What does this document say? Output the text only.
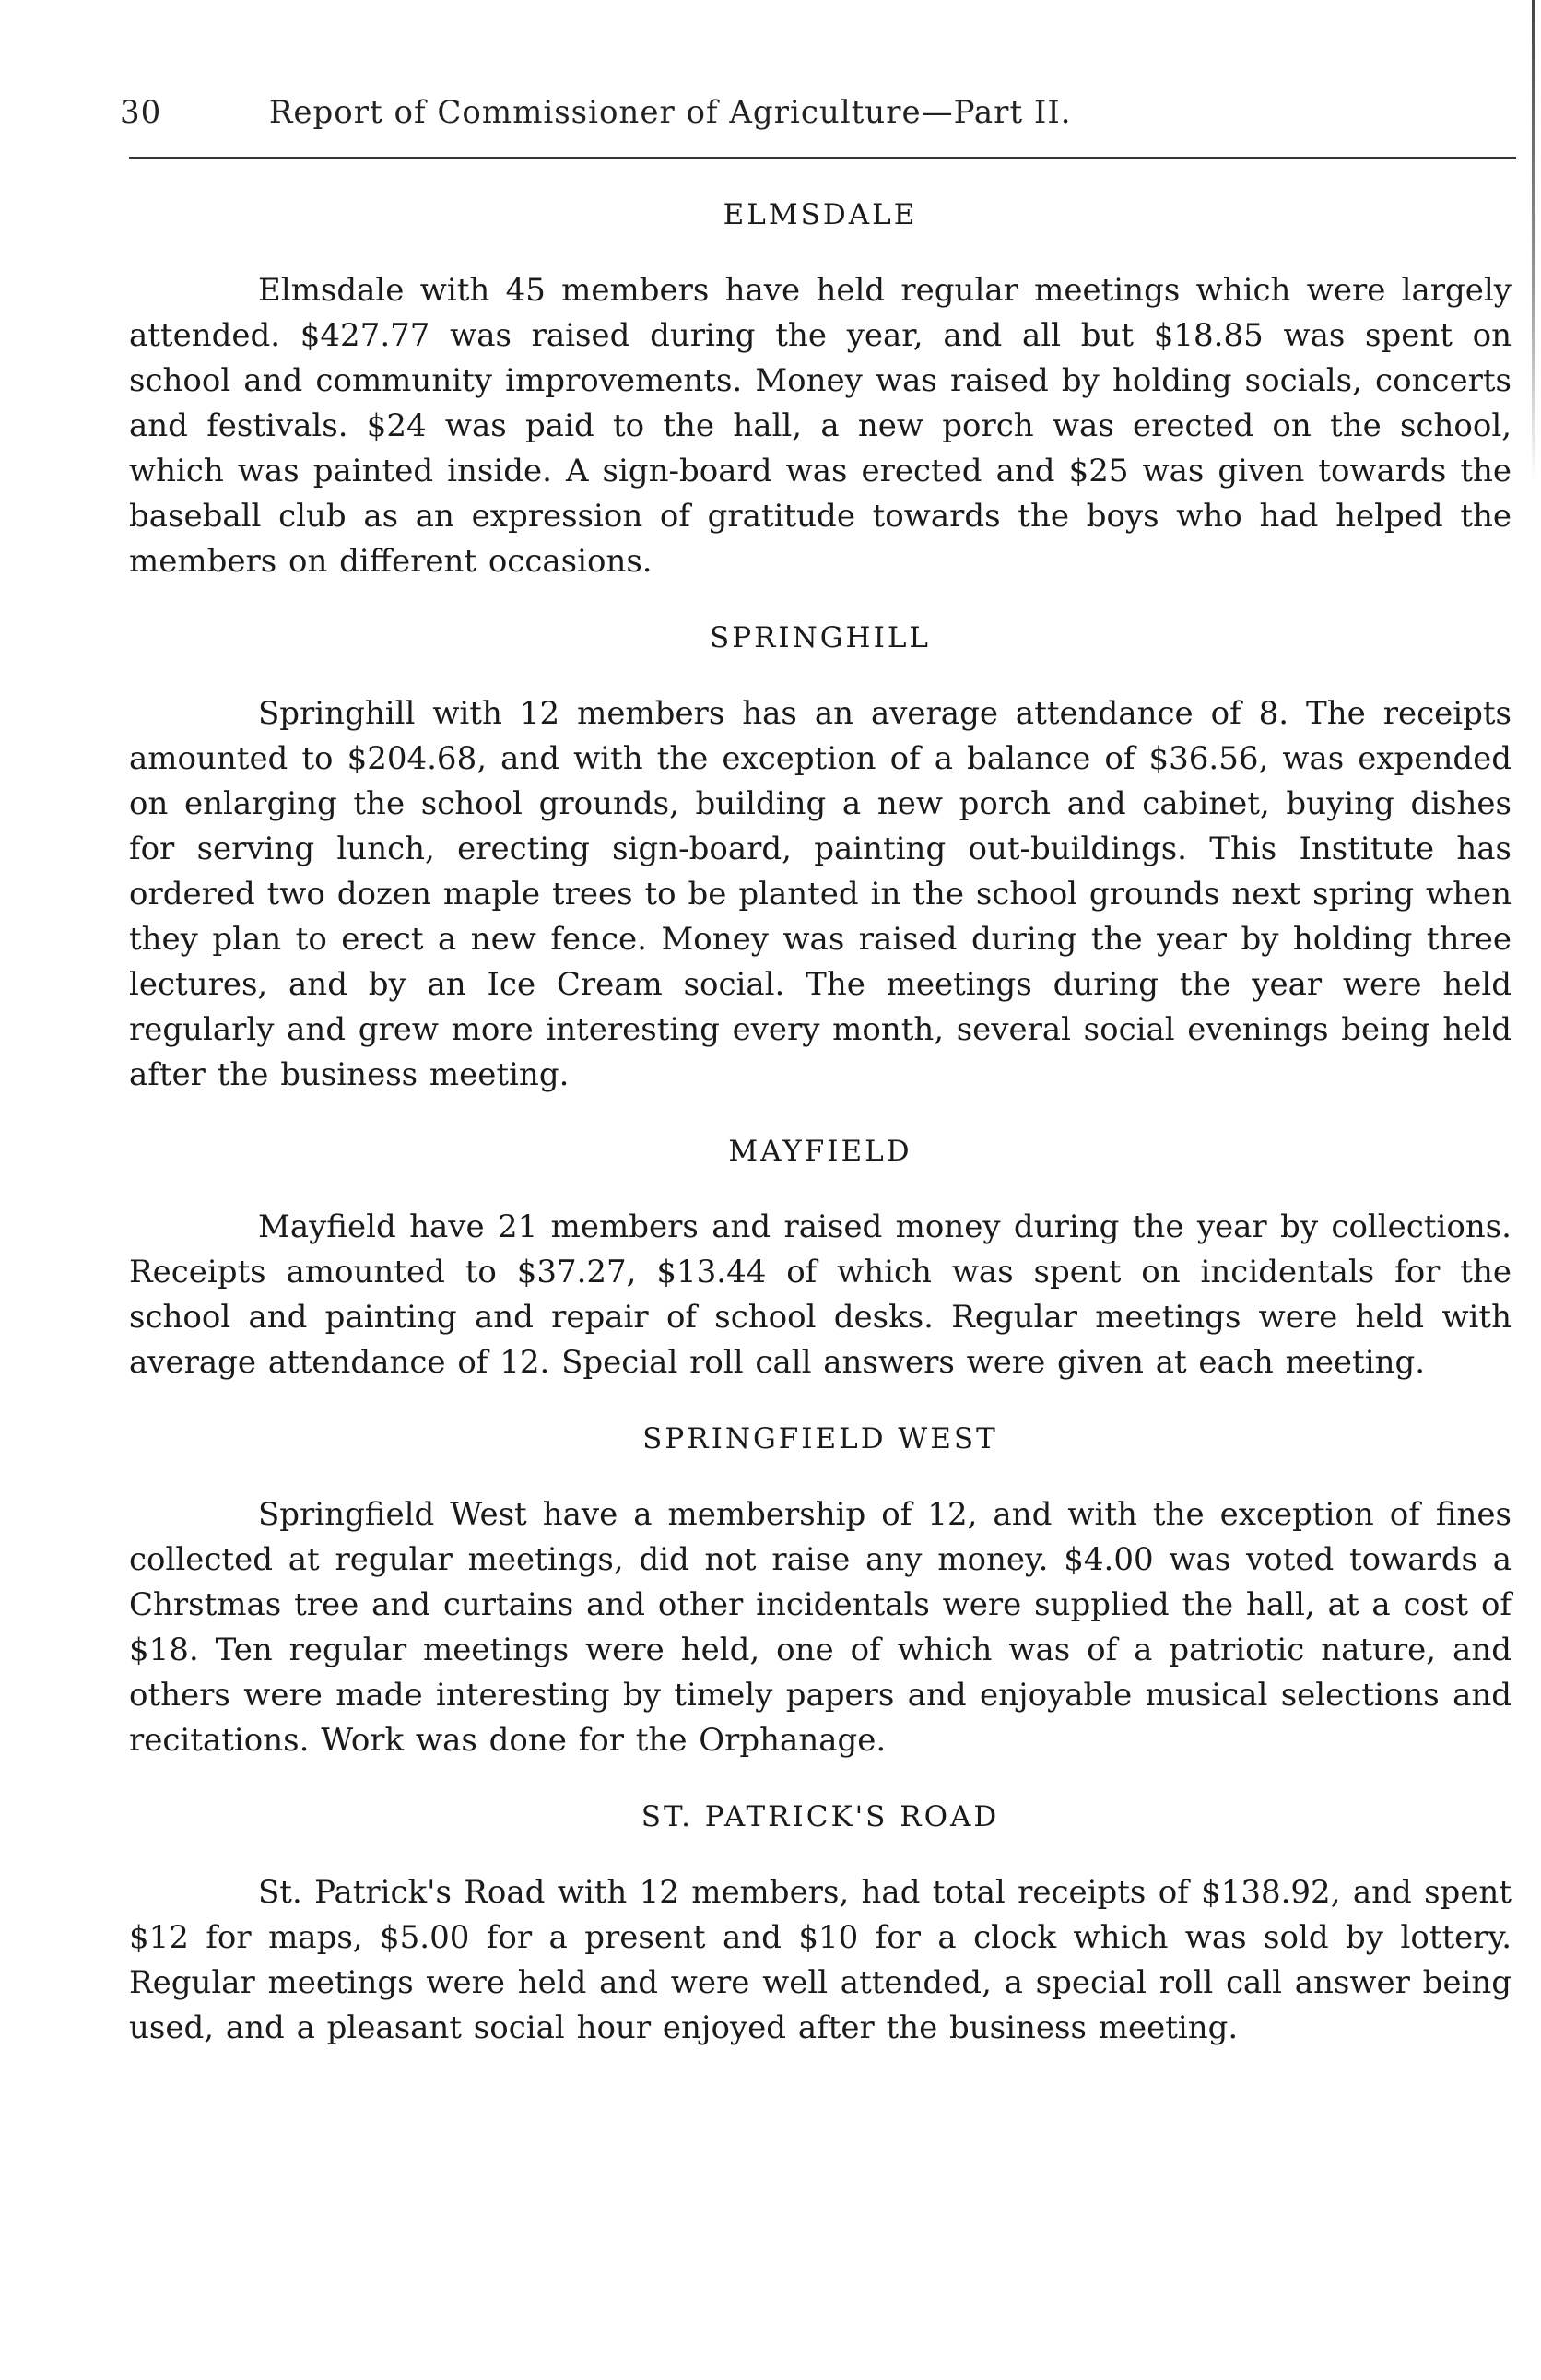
30	Report of Commissioner of Agriculture—Part II.
ELMSDALE

Elmsdale with 45 members have held regular meetings which were largely attended. $427.77 was raised during the year, and all but $18.85 was spent on school and community improvements. Money was raised by holding socials, concerts and festivals. $24 was paid to the hall, a new porch was erected on the school, which was painted inside. A sign-board was erected and $25 was given towards the baseball club as an expression of gratitude towards the boys who had helped the members on different occasions.

SPRINGHILL

Springhill with 12 members has an average attendance of 8. The receipts amounted to $204.68, and with the exception of a balance of $36.56, was expended on enlarging the school grounds, building a new porch and cabinet, buying dishes for serving lunch, erecting sign-board, painting out-buildings. This Institute has ordered two dozen maple trees to be planted in the school grounds next spring when they plan to erect a new fence. Money was raised during the year by holding three lectures, and by an Ice Cream social. The meetings during the year were held regularly and grew more interesting every month, several social evenings being held after the business meeting.

MAYFIELD

Mayfield have 21 members and raised money during the year by collections. Receipts amounted to $37.27, $13.44 of which was spent on incidentals for the school and painting and repair of school desks. Regular meetings were held with average attendance of 12. Special roll call answers were given at each meeting.

SPRINGFIELD WEST

Springfield West have a membership of 12, and with the exception of fines collected at regular meetings, did not raise any money. $4.00 was voted towards a Chrstmas tree and curtains and other incidentals were supplied the hall, at a cost of $18. Ten regular meetings were held, one of which was of a patriotic nature, and others were made interesting by timely papers and enjoyable musical selections and recitations. Work was done for the Orphanage.

ST. PATRICK'S ROAD

St. Patrick's Road with 12 members, had total receipts of $138.92, and spent $12 for maps, $5.00 for a present and $10 for a clock which was sold by lottery. Regular meetings were held and were well attended, a special roll call answer being used, and a pleasant social hour enjoyed after the business meeting.
